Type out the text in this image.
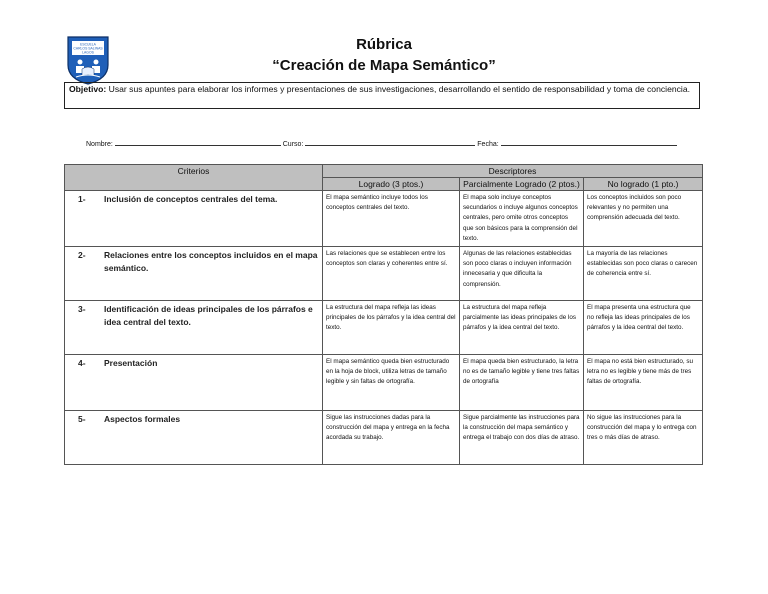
ESCUELA
CARLOS SALINAS
LAGOS	Rúbrica
“Creación de Mapa Semántico”
Objetivo: Usar sus apuntes para elaborar los informes y presentaciones de sus investigaciones, desarrollando el sentido de responsabilidad y toma de conciencia.
Nombre:	Curso:	Fecha:
Criterios	Descriptores		
	Logrado (3 ptos.)	Parcialmente Logrado (2 ptos.)	No logrado (1 pto.)

1- Inclusión de conceptos centrales del tema.	El mapa semántico incluye todos los conceptos centrales del texto.	El mapa solo incluye conceptos secundarios o incluye algunos conceptos centrales, pero omite otros conceptos que son básicos para la comprensión del texto.	Los conceptos incluidos son poco relevantes y no permiten una comprensión adecuada del texto.

2- Relaciones entre los conceptos incluidos en el mapa semántico.	Las relaciones que se establecen entre los conceptos son claras y coherentes entre sí.	Algunas de las relaciones establecidas son poco claras o incluyen información innecesaria y que dificulta la comprensión.	La mayoría de las relaciones establecidas son poco claras o carecen de coherencia entre sí.

3- Identificación de ideas principales de los párrafos e idea central del texto.	La estructura del mapa refleja las ideas principales de los párrafos y la idea central del texto.	La estructura del mapa refleja parcialmente las ideas principales de los párrafos y la idea central del texto.	El mapa presenta una estructura que no refleja las ideas principales de los párrafos y la idea central del texto.

4- Presentación	El mapa semántico queda bien estructurado en la hoja de block, utiliza letras de tamaño legible y sin faltas de ortografía.	El mapa queda bien estructurado, la letra no es de tamaño legible y tiene tres faltas de ortografía	El mapa no está bien estructurado, su letra no es legible y tiene más de tres faltas de ortografía.

5- Aspectos formales	Sigue las instrucciones dadas para la construcción del mapa y entrega en la fecha acordada su trabajo.	Sigue parcialmente las instrucciones para la construcción del mapa semántico y entrega el trabajo con dos días de atraso.	No sigue las instrucciones para la construcción del mapa y lo entrega con tres o más días de atraso.
